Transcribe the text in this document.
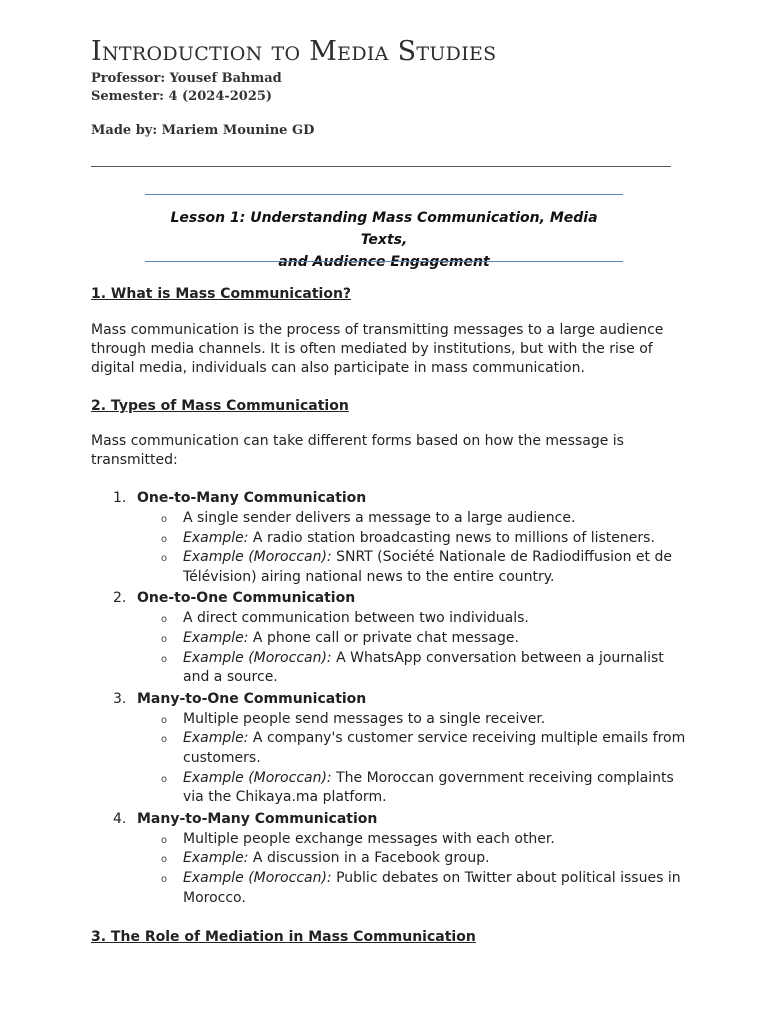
Introduction to Media Studies

Professor: Yousef Bahmad

Semester: 4 (2024-2025)

Made by: Mariem Mounine GD

Lesson 1: Understanding Mass Communication, Media Texts,
and Audience Engagement

1. What is Mass Communication?

Mass communication is the process of transmitting messages to a large audience through media channels. It is often mediated by institutions, but with the rise of digital media, individuals can also participate in mass communication.

2. Types of Mass Communication

Mass communication can take different forms based on how the message is transmitted:

1. One-to-Many Communication
o A single sender delivers a message to a large audience.
o Example: A radio station broadcasting news to millions of listeners.
o Example (Moroccan): SNRT (Société Nationale de Radiodiffusion et de Télévision) airing national news to the entire country.
2. One-to-One Communication
o A direct communication between two individuals.
o Example: A phone call or private chat message.
o Example (Moroccan): A WhatsApp conversation between a journalist and a source.
3. Many-to-One Communication
o Multiple people send messages to a single receiver.
o Example: A company's customer service receiving multiple emails from customers.
o Example (Moroccan): The Moroccan government receiving complaints via the Chikaya.ma platform.
4. Many-to-Many Communication
o Multiple people exchange messages with each other.
o Example: A discussion in a Facebook group.
o Example (Moroccan): Public debates on Twitter about political issues in Morocco.
3. The Role of Mediation in Mass Communication
